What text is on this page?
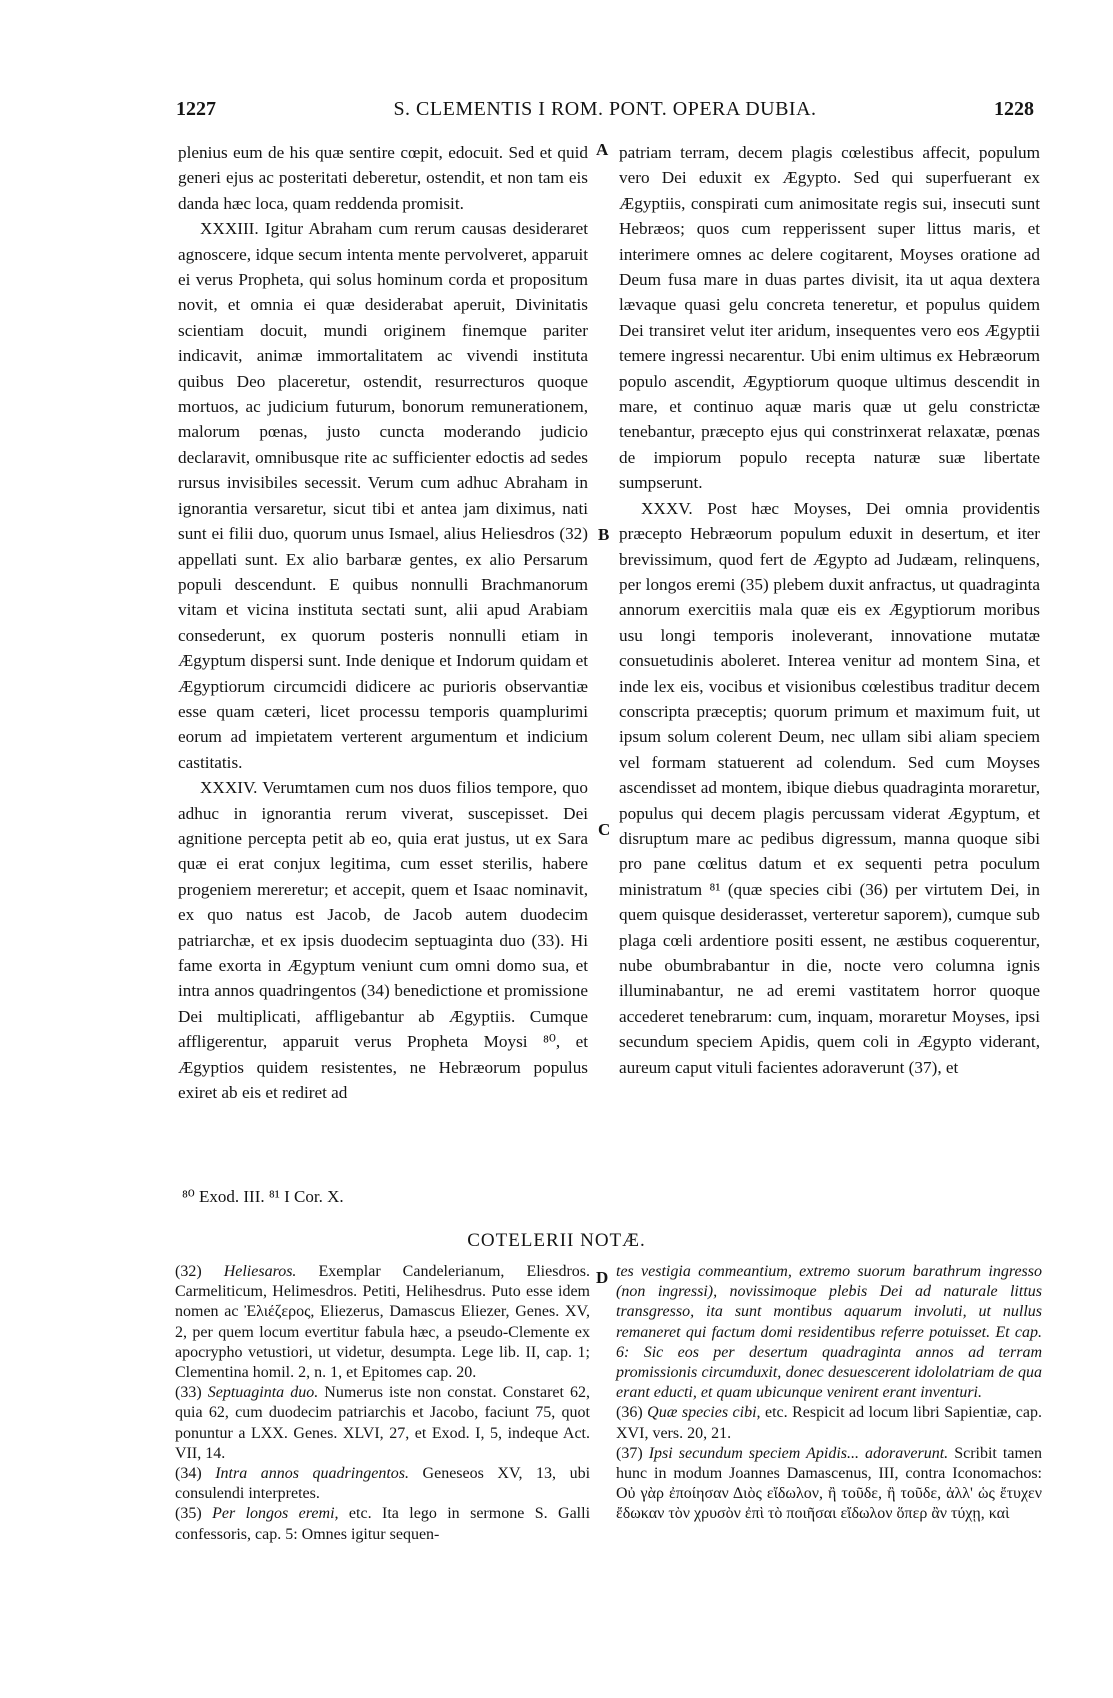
1227	S. CLEMENTIS I ROM. PONT. OPERA DUBIA.	1228

plenius eum de his quæ sentire cœpit, edocuit. Sed et quid generi ejus ac posteritati deberetur, ostendit, et non tam eis danda hæc loca, quam reddenda promisit.

XXXIII. Igitur Abraham cum rerum causas desideraret agnoscere, idque secum intenta mente pervolveret, apparuit ei verus Propheta, qui solus hominum corda et propositum novit, et omnia ei quæ desiderabat aperuit, Divinitatis scientiam docuit, mundi originem finemque pariter indicavit, animæ immortalitatem ac vivendi instituta quibus Deo placeretur, ostendit, resurrecturos quoque mortuos, ac judicium futurum, bonorum remunerationem, malorum pœnas, justo cuncta moderando judicio declaravit, omnibusque rite ac sufficienter edoctis ad sedes rursus invisibiles secessit. Verum cum adhuc Abraham in ignorantia versaretur, sicut tibi et antea jam diximus, nati sunt ei filii duo, quorum unus Ismael, alius Heliesdros (32) appellati sunt. Ex alio barbaræ gentes, ex alio Persarum populi descendunt. E quibus nonnulli Brachmanorum vitam et vicina instituta sectati sunt, alii apud Arabiam consederunt, ex quorum posteris nonnulli etiam in Ægyptum dispersi sunt. Inde denique et Indorum quidam et Ægyptiorum circumcidi didicere ac purioris observantiæ esse quam cæteri, licet processu temporis quamplurimi eorum ad impietatem verterent argumentum et indicium castitatis.

XXXIV. Verumtamen cum nos duos filios tempore, quo adhuc in ignorantia rerum viverat, suscepisset. Dei agnitione percepta petit ab eo, quia erat justus, ut ex Sara quæ ei erat conjux legitima, cum esset sterilis, habere progeniem mereretur; et accepit, quem et Isaac nominavit, ex quo natus est Jacob, de Jacob autem duodecim patriarchæ, et ex ipsis duodecim septuaginta duo (33). Hi fame exorta in Ægyptum veniunt cum omni domo sua, et intra annos quadringentos (34) benedictione et promissione Dei multiplicati, affligebantur ab Ægyptiis. Cumque affligerentur, apparuit verus Propheta Moysi ⁸⁰, et Ægyptios quidem resistentes, ne Hebræorum populus exiret ab eis et rediret ad

A
B
C
D

patriam terram, decem plagis cœlestibus affecit, populum vero Dei eduxit ex Ægypto. Sed qui superfuerant ex Ægyptiis, conspirati cum animositate regis sui, insecuti sunt Hebræos; quos cum repperissent super littus maris, et interimere omnes ac delere cogitarent, Moyses oratione ad Deum fusa mare in duas partes divisit, ita ut aqua dextera lævaque quasi gelu concreta teneretur, et populus quidem Dei transiret velut iter aridum, insequentes vero eos Ægyptii temere ingressi necarentur. Ubi enim ultimus ex Hebræorum populo ascendit, Ægyptiorum quoque ultimus descendit in mare, et continuo aquæ maris quæ ut gelu constrictæ tenebantur, præcepto ejus qui constrinxerat relaxatæ, pœnas de impiorum populo recepta naturæ suæ libertate sumpserunt.

XXXV. Post hæc Moyses, Dei omnia providentis præcepto Hebræorum populum eduxit in desertum, et iter brevissimum, quod fert de Ægypto ad Judæam, relinquens, per longos eremi (35) plebem duxit anfractus, ut quadraginta annorum exercitiis mala quæ eis ex Ægyptiorum moribus usu longi temporis inoleverant, innovatione mutatæ consuetudinis aboleret. Interea venitur ad montem Sina, et inde lex eis, vocibus et visionibus cœlestibus traditur decem conscripta præceptis; quorum primum et maximum fuit, ut ipsum solum colerent Deum, nec ullam sibi aliam speciem vel formam statuerent ad colendum. Sed cum Moyses ascendisset ad montem, ibique diebus quadraginta moraretur, populus qui decem plagis percussam viderat Ægyptum, et disruptum mare ac pedibus digressum, manna quoque sibi pro pane cœlitus datum et ex sequenti petra poculum ministratum ⁸¹ (quæ species cibi (36) per virtutem Dei, in quem quisque desiderasset, verteretur saporem), cumque sub plaga cœli ardentiore positi essent, ne æstibus coquerentur, nube obumbrabantur in die, nocte vero columna ignis illuminabantur, ne ad eremi vastitatem horror quoque accederet tenebrarum: cum, inquam, moraretur Moyses, ipsi secundum speciem Apidis, quem coli in Ægypto viderant, aureum caput vituli facientes adoraverunt (37), et

⁸⁰ Exod. III. ⁸¹ I Cor. X.
COTELERII NOTÆ.

(32) Heliesaros. Exemplar Candelerianum, Eliesdros. Carmeliticum, Helimesdros. Petiti, Helihesdrus. Puto esse idem nomen ac Ἐλιέζερος, Eliezerus, Damascus Eliezer, Genes. XV, 2, per quem locum evertitur fabula hæc, a pseudo-Clemente ex apocrypho vetustiori, ut videtur, desumpta. Lege lib. II, cap. 1; Clementina homil. 2, n. 1, et Epitomes cap. 20.

(33) Septuaginta duo. Numerus iste non constat. Constaret 62, quia 62, cum duodecim patriarchis et Jacobo, faciunt 75, quot ponuntur a LXX. Genes. XLVI, 27, et Exod. I, 5, indeque Act. VII, 14.

(34) Intra annos quadringentos. Geneseos XV, 13, ubi consulendi interpretes.

(35) Per longos eremi, etc. Ita lego in sermone S. Galli confessoris, cap. 5: Omnes igitur sequen-

tes vestigia commeantium, extremo suorum barathrum ingresso (non ingressi), novissimoque plebis Dei ad naturale littus transgresso, ita sunt montibus aquarum involuti, ut nullus remaneret qui factum domi residentibus referre potuisset. Et cap. 6: Sic eos per desertum quadraginta annos ad terram promissionis circumduxit, donec desuescerent idololatriam de qua erant educti, et quam ubicunque venirent erant inventuri.

(36) Quæ species cibi, etc. Respicit ad locum libri Sapientiæ, cap. XVI, vers. 20, 21.

(37) Ipsi secundum speciem Apidis... adoraverunt. Scribit tamen hunc in modum Joannes Damascenus, III, contra Iconomachos: Οὐ γὰρ ἐποίησαν Διὸς εἴδωλον, ἢ τοῦδε, ἢ τοῦδε, ἀλλ' ὡς ἔτυχεν ἔδωκαν τὸν χρυσὸν ἐπὶ τὸ ποιῆσαι εἴδωλον ὅπερ ἂν τύχῃ, καὶ
